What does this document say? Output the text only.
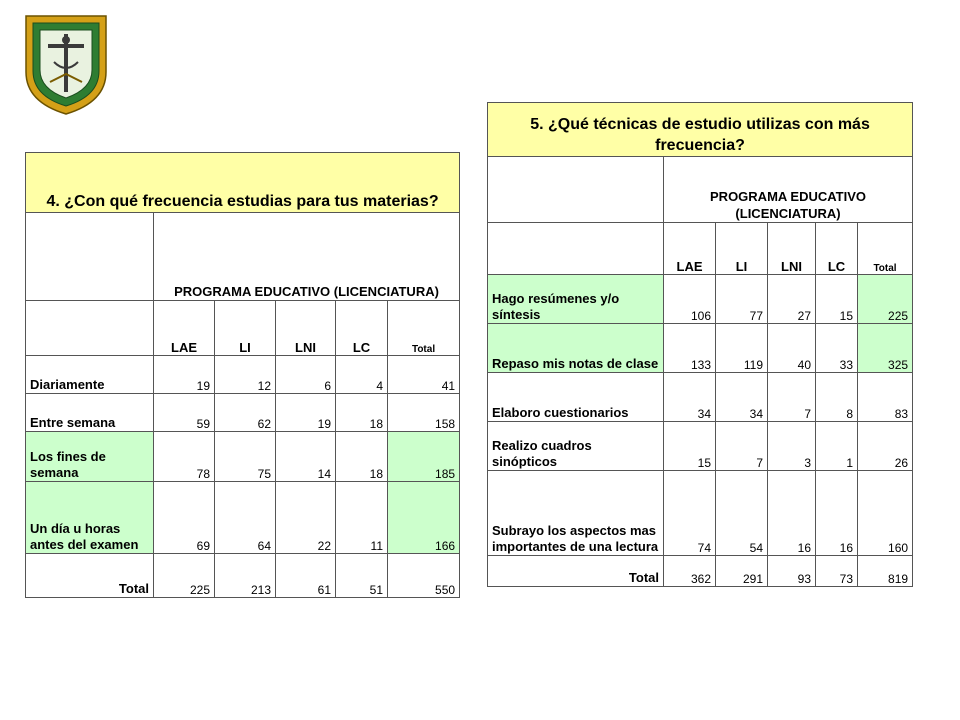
4. ¿Con qué frecuencia estudias para tus materias?					
	PROGRAMA EDUCATIVO (LICENCIATURA)				
	LAE	LI	LNI	LC	Total
Diariamente	19	12	6	4	41
Entre semana	59	62	19	18	158
Los fines de semana	78	75	14	18	185
Un día u horas antes del examen	69	64	22	11	166
Total	225	213	61	51	550
5. ¿Qué técnicas de estudio utilizas con más frecuencia?					
	PROGRAMA EDUCATIVO (LICENCIATURA)				
	LAE	LI	LNI	LC	Total
Hago resúmenes y/o síntesis	106	77	27	15	225
Repaso mis notas de clase	133	119	40	33	325
Elaboro cuestionarios	34	34	7	8	83
Realizo cuadros sinópticos	15	7	3	1	26
Subrayo los aspectos mas importantes de una lectura	74	54	16	16	160
Total	362	291	93	73	819
